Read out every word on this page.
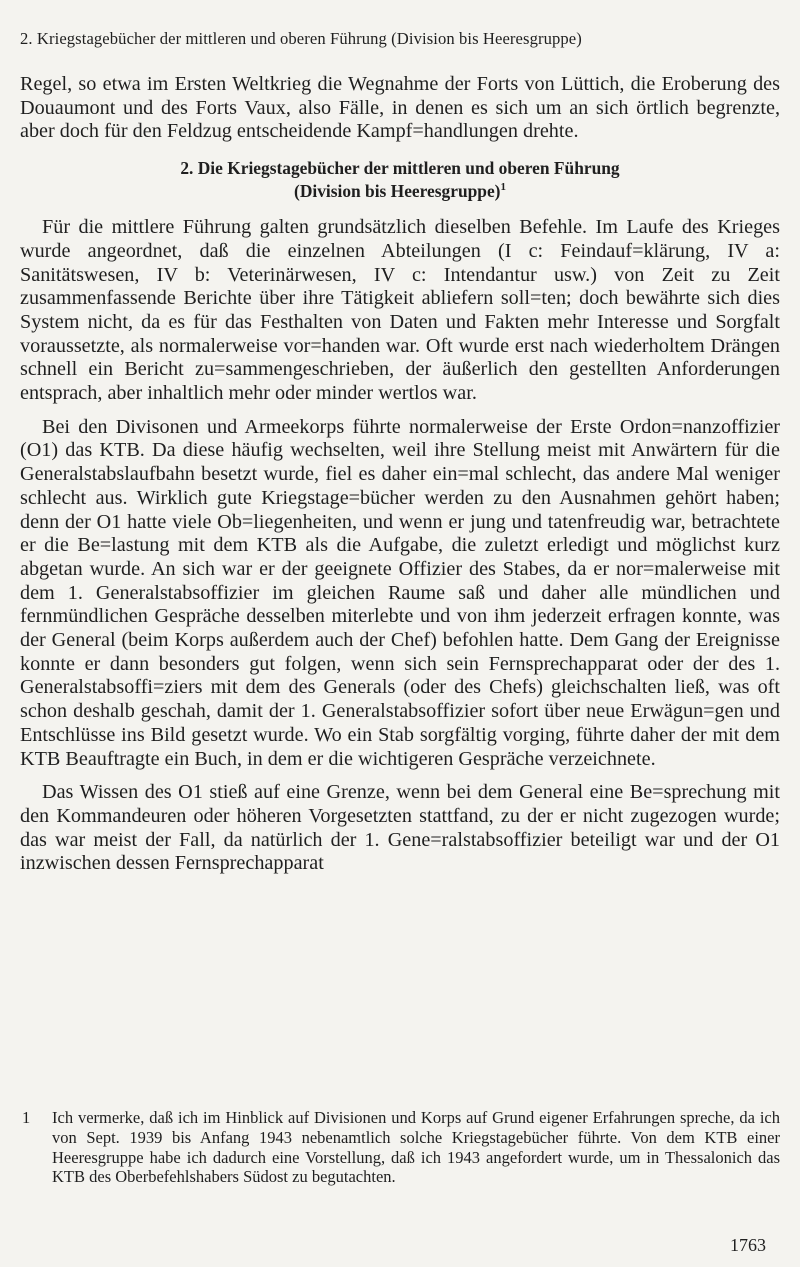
2. Kriegstagebücher der mittleren und oberen Führung (Division bis Heeresgruppe)

Regel, so etwa im Ersten Weltkrieg die Wegnahme der Forts von Lüttich, die Eroberung des Douaumont und des Forts Vaux, also Fälle, in denen es sich um an sich örtlich begrenzte, aber doch für den Feldzug entscheidende Kampf=handlungen drehte.

2. Die Kriegstagebücher der mittleren und oberen Führung
(Division bis Heeresgruppe)$^1$

Für die mittlere Führung galten grundsätzlich dieselben Befehle. Im Laufe des Krieges wurde angeordnet, daß die einzelnen Abteilungen (I c: Feindauf=klärung, IV a: Sanitätswesen, IV b: Veterinärwesen, IV c: Intendantur usw.) von Zeit zu Zeit zusammenfassende Berichte über ihre Tätigkeit abliefern soll=ten; doch bewährte sich dies System nicht, da es für das Festhalten von Daten und Fakten mehr Interesse und Sorgfalt voraussetzte, als normalerweise vor=handen war. Oft wurde erst nach wiederholtem Drängen schnell ein Bericht zu=sammengeschrieben, der äußerlich den gestellten Anforderungen entsprach, aber inhaltlich mehr oder minder wertlos war.

Bei den Divisonen und Armeekorps führte normalerweise der Erste Ordon=nanzoffizier (O1) das KTB. Da diese häufig wechselten, weil ihre Stellung meist mit Anwärtern für die Generalstabslaufbahn besetzt wurde, fiel es daher ein=mal schlecht, das andere Mal weniger schlecht aus. Wirklich gute Kriegstage=bücher werden zu den Ausnahmen gehört haben; denn der O1 hatte viele Ob=liegenheiten, und wenn er jung und tatenfreudig war, betrachtete er die Be=lastung mit dem KTB als die Aufgabe, die zuletzt erledigt und möglichst kurz abgetan wurde. An sich war er der geeignete Offizier des Stabes, da er nor=malerweise mit dem 1. Generalstabsoffizier im gleichen Raume saß und daher alle mündlichen und fernmündlichen Gespräche desselben miterlebte und von ihm jederzeit erfragen konnte, was der General (beim Korps außerdem auch der Chef) befohlen hatte. Dem Gang der Ereignisse konnte er dann besonders gut folgen, wenn sich sein Fernsprechapparat oder der des 1. Generalstabsoffi=ziers mit dem des Generals (oder des Chefs) gleichschalten ließ, was oft schon deshalb geschah, damit der 1. Generalstabsoffizier sofort über neue Erwägun=gen und Entschlüsse ins Bild gesetzt wurde. Wo ein Stab sorgfältig vorging, führte daher der mit dem KTB Beauftragte ein Buch, in dem er die wichtigeren Gespräche verzeichnete.

Das Wissen des O1 stieß auf eine Grenze, wenn bei dem General eine Be=sprechung mit den Kommandeuren oder höheren Vorgesetzten stattfand, zu der er nicht zugezogen wurde; das war meist der Fall, da natürlich der 1. Gene=ralstabsoffizier beteiligt war und der O1 inzwischen dessen Fernsprechapparat

1	Ich vermerke, daß ich im Hinblick auf Divisionen und Korps auf Grund eigener Erfahrungen spreche, da ich von Sept. 1939 bis Anfang 1943 nebenamtlich solche Kriegstagebücher führte. Von dem KTB einer Heeresgruppe habe ich dadurch eine Vorstellung, daß ich 1943 angefordert wurde, um in Thessalonich das KTB des Oberbefehlshabers Südost zu begutachten.
1763
